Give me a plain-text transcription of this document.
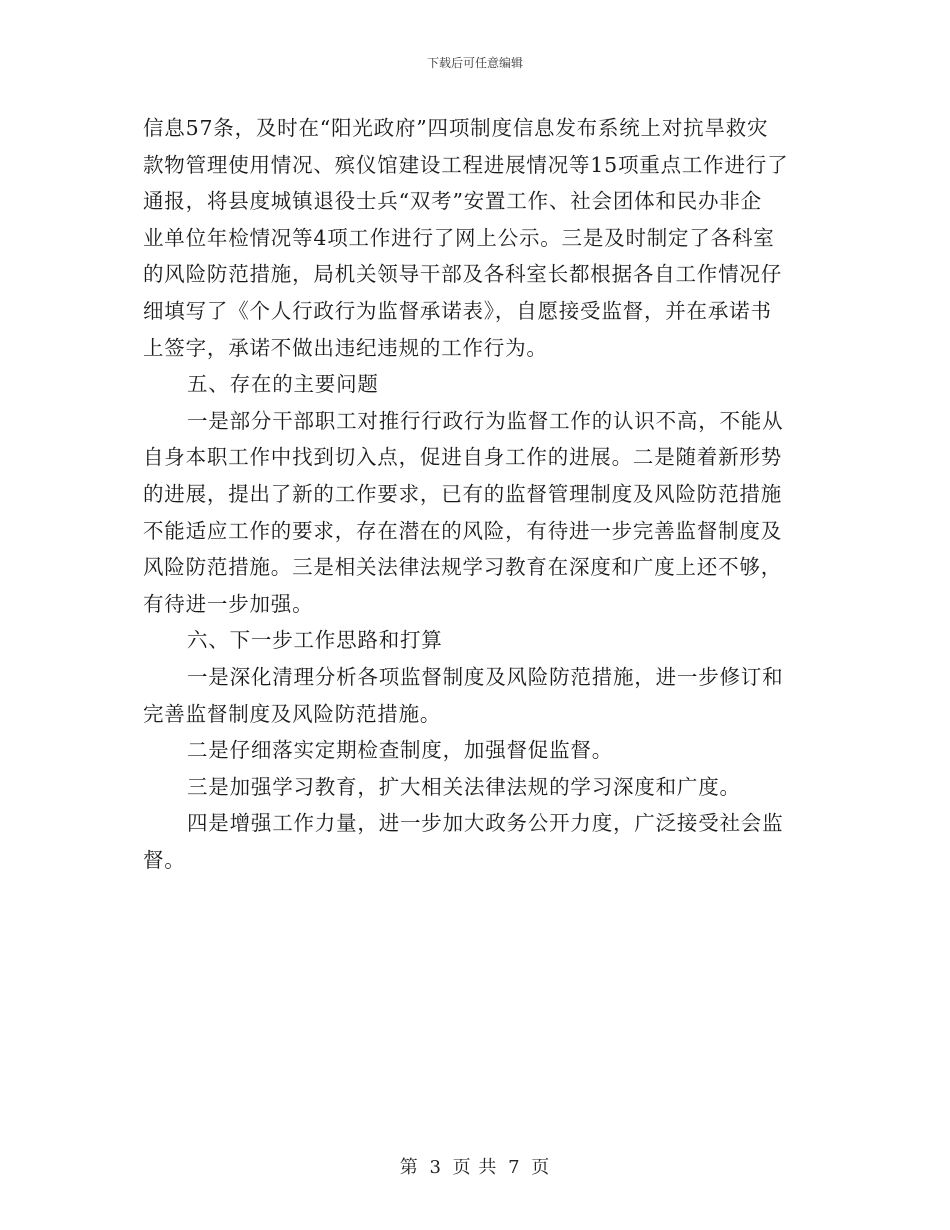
下载后可任意编辑
信息57条，及时在“阳光政府”四项制度信息发布系统上对抗旱救灾
款物管理使用情况、殡仪馆建设工程进展情况等15项重点工作进行了
通报，将县度城镇退役士兵“双考”安置工作、社会团体和民办非企
业单位年检情况等4项工作进行了网上公示。三是及时制定了各科室
的风险防范措施，局机关领导干部及各科室长都根据各自工作情况仔
细填写了《个人行政行为监督承诺表》，自愿接受监督，并在承诺书
上签字，承诺不做出违纪违规的工作行为。
五、存在的主要问题
一是部分干部职工对推行行政行为监督工作的认识不高，不能从
自身本职工作中找到切入点，促进自身工作的进展。二是随着新形势
的进展，提出了新的工作要求，已有的监督管理制度及风险防范措施
不能适应工作的要求，存在潜在的风险，有待进一步完善监督制度及
风险防范措施。三是相关法律法规学习教育在深度和广度上还不够，
有待进一步加强。
六、下一步工作思路和打算
一是深化清理分析各项监督制度及风险防范措施，进一步修订和
完善监督制度及风险防范措施。
二是仔细落实定期检查制度，加强督促监督。
三是加强学习教育，扩大相关法律法规的学习深度和广度。
四是增强工作力量，进一步加大政务公开力度，广泛接受社会监
督。
第 3 页 共 7 页
